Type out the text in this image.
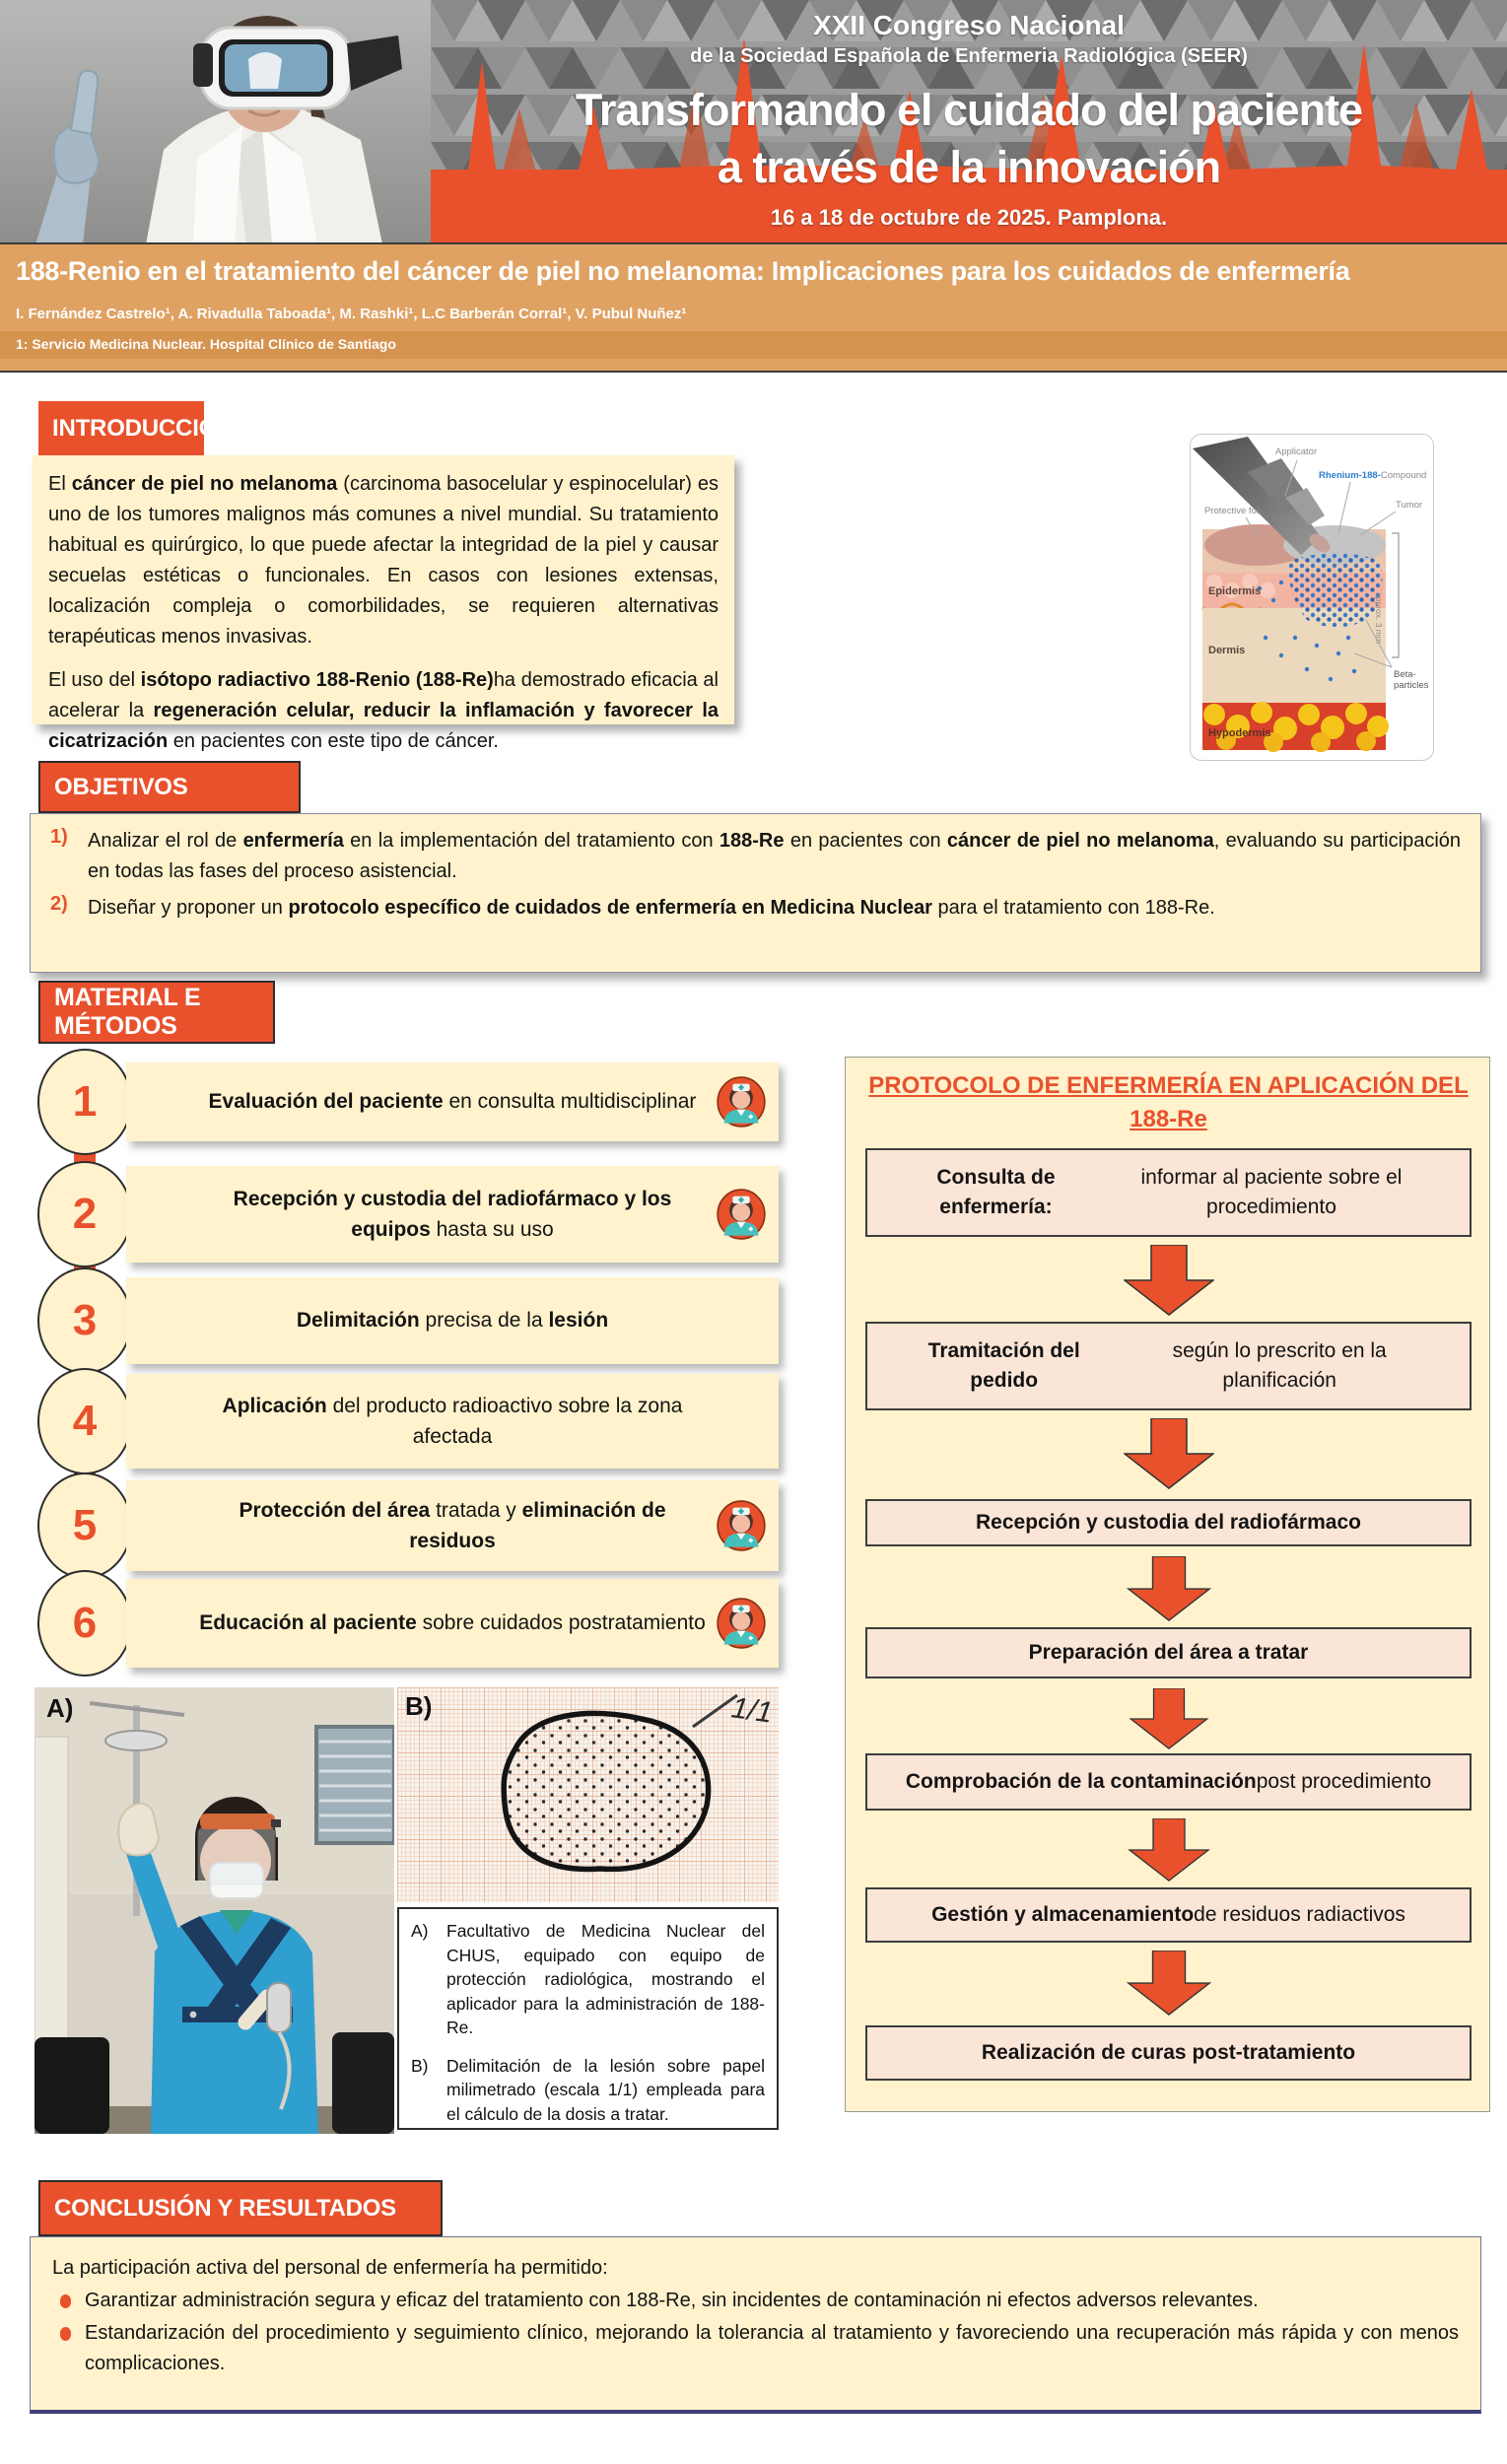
XXII Congreso Nacional
de la Sociedad Española de Enfermeria Radiológica (SEER)
Transformando el cuidado del paciente
a través de la innovación
16 a 18 de octubre de 2025. Pamplona.
188-Renio en el tratamiento del cáncer de piel no melanoma: Implicaciones para los cuidados de enfermería
I. Fernández Castrelo¹, A. Rivadulla Taboada¹, M. Rashki¹, L.C Barberán Corral¹, V. Pubul Nuñez¹
1: Servicio Medicina Nuclear. Hospital Clínico de Santiago
INTRODUCCIÓN
El cáncer de piel no melanoma (carcinoma basocelular y espinocelular) es uno de los tumores malignos más comunes a nivel mundial. Su tratamiento habitual es quirúrgico, lo que puede afectar la integridad de la piel y causar secuelas estéticas o funcionales. En casos con lesiones extensas, localización compleja o comorbilidades, se requieren alternativas terapéuticas menos invasivas.
El uso del isótopo radiactivo 188-Renio (188-Re)ha demostrado eficacia al acelerar la regeneración celular, reducir la inflamación y favorecer la cicatrización en pacientes con este tipo de cáncer.
Applicator
Rhenium-188-Compound
Protective foil
Tumor
Epidermis
Dermis
Hypodermis
approx. 3 mm
Beta-
particles
OBJETIVOS
1)	Analizar el rol de enfermería en la implementación del tratamiento con 188-Re en pacientes con cáncer de piel no melanoma, evaluando su participación en todas las fases del proceso asistencial.
2)	Diseñar y proponer un protocolo específico de cuidados de enfermería en Medicina Nuclear para el tratamiento con 188-Re.
MATERIAL E MÉTODOS
1
2
3
4
5
6
Evaluación del paciente en consulta multidisciplinar
Recepción y custodia del radiofármaco y los equipos hasta su uso
Delimitación precisa de la lesión
Aplicación del producto radioactivo sobre la zona afectada
Protección del área tratada y eliminación de residuos
Educación al paciente sobre cuidados postratamiento
PROTOCOLO DE ENFERMERÍA EN APLICACIÓN DEL 188-Re
Consulta de enfermería:
informar al paciente sobre el procedimiento
Tramitación del pedido
según lo prescrito en la planificación
Recepción y custodia del radiofármaco
Preparación del área a tratar
Comprobación de la contaminación post procedimiento
Gestión y almacenamiento de residuos radiactivos
Realización de curas post-tratamiento
A)	1/1
B)
A)	Facultativo de Medicina Nuclear del CHUS, equipado con equipo de protección radiológica, mostrando el aplicador para la administración de 188-Re.
B)	Delimitación de la lesión sobre papel milimetrado (escala 1/1) empleada para el cálculo de la dosis a tratar.
CONCLUSIÓN Y RESULTADOS
La participación activa del personal de enfermería ha permitido:
Garantizar administración segura y eficaz del tratamiento con 188-Re, sin incidentes de contaminación ni efectos adversos relevantes.
Estandarización del procedimiento y seguimiento clínico, mejorando la tolerancia al tratamiento y favoreciendo una recuperación más rápida y con menos complicaciones.
